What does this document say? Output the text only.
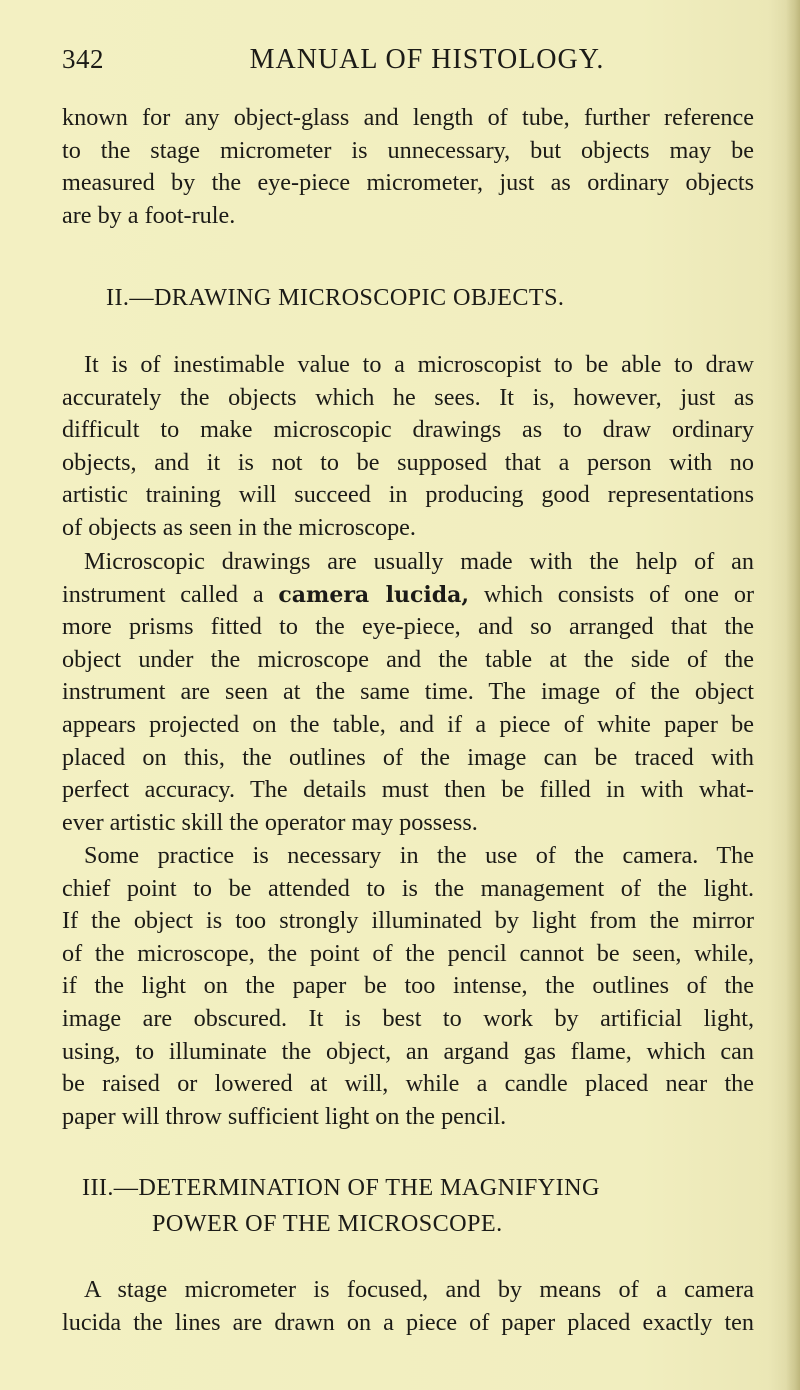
342	MANUAL OF HISTOLOGY.
known for any object-glass and length of tube, further reference
to the stage micrometer is unnecessary, but objects may be
measured by the eye-piece micrometer, just as ordinary objects
are by a foot-rule.
II.—DRAWING MICROSCOPIC OBJECTS.
It is of inestimable value to a microscopist to be able to draw
accurately the objects which he sees. It is, however, just as
difficult to make microscopic drawings as to draw ordinary
objects, and it is not to be supposed that a person with no
artistic training will succeed in producing good representations
of objects as seen in the microscope.
Microscopic drawings are usually made with the help of an
instrument called a camera lucida, which consists of one or
more prisms fitted to the eye-piece, and so arranged that the
object under the microscope and the table at the side of the
instrument are seen at the same time. The image of the object
appears projected on the table, and if a piece of white paper be
placed on this, the outlines of the image can be traced with
perfect accuracy. The details must then be filled in with what-
ever artistic skill the operator may possess.
Some practice is necessary in the use of the camera. The
chief point to be attended to is the management of the light.
If the object is too strongly illuminated by light from the mirror
of the microscope, the point of the pencil cannot be seen, while,
if the light on the paper be too intense, the outlines of the
image are obscured. It is best to work by artificial light,
using, to illuminate the object, an argand gas flame, which can
be raised or lowered at will, while a candle placed near the
paper will throw sufficient light on the pencil.
III.—DETERMINATION OF THE MAGNIFYING
POWER OF THE MICROSCOPE.
A stage micrometer is focused, and by means of a camera
lucida the lines are drawn on a piece of paper placed exactly ten
